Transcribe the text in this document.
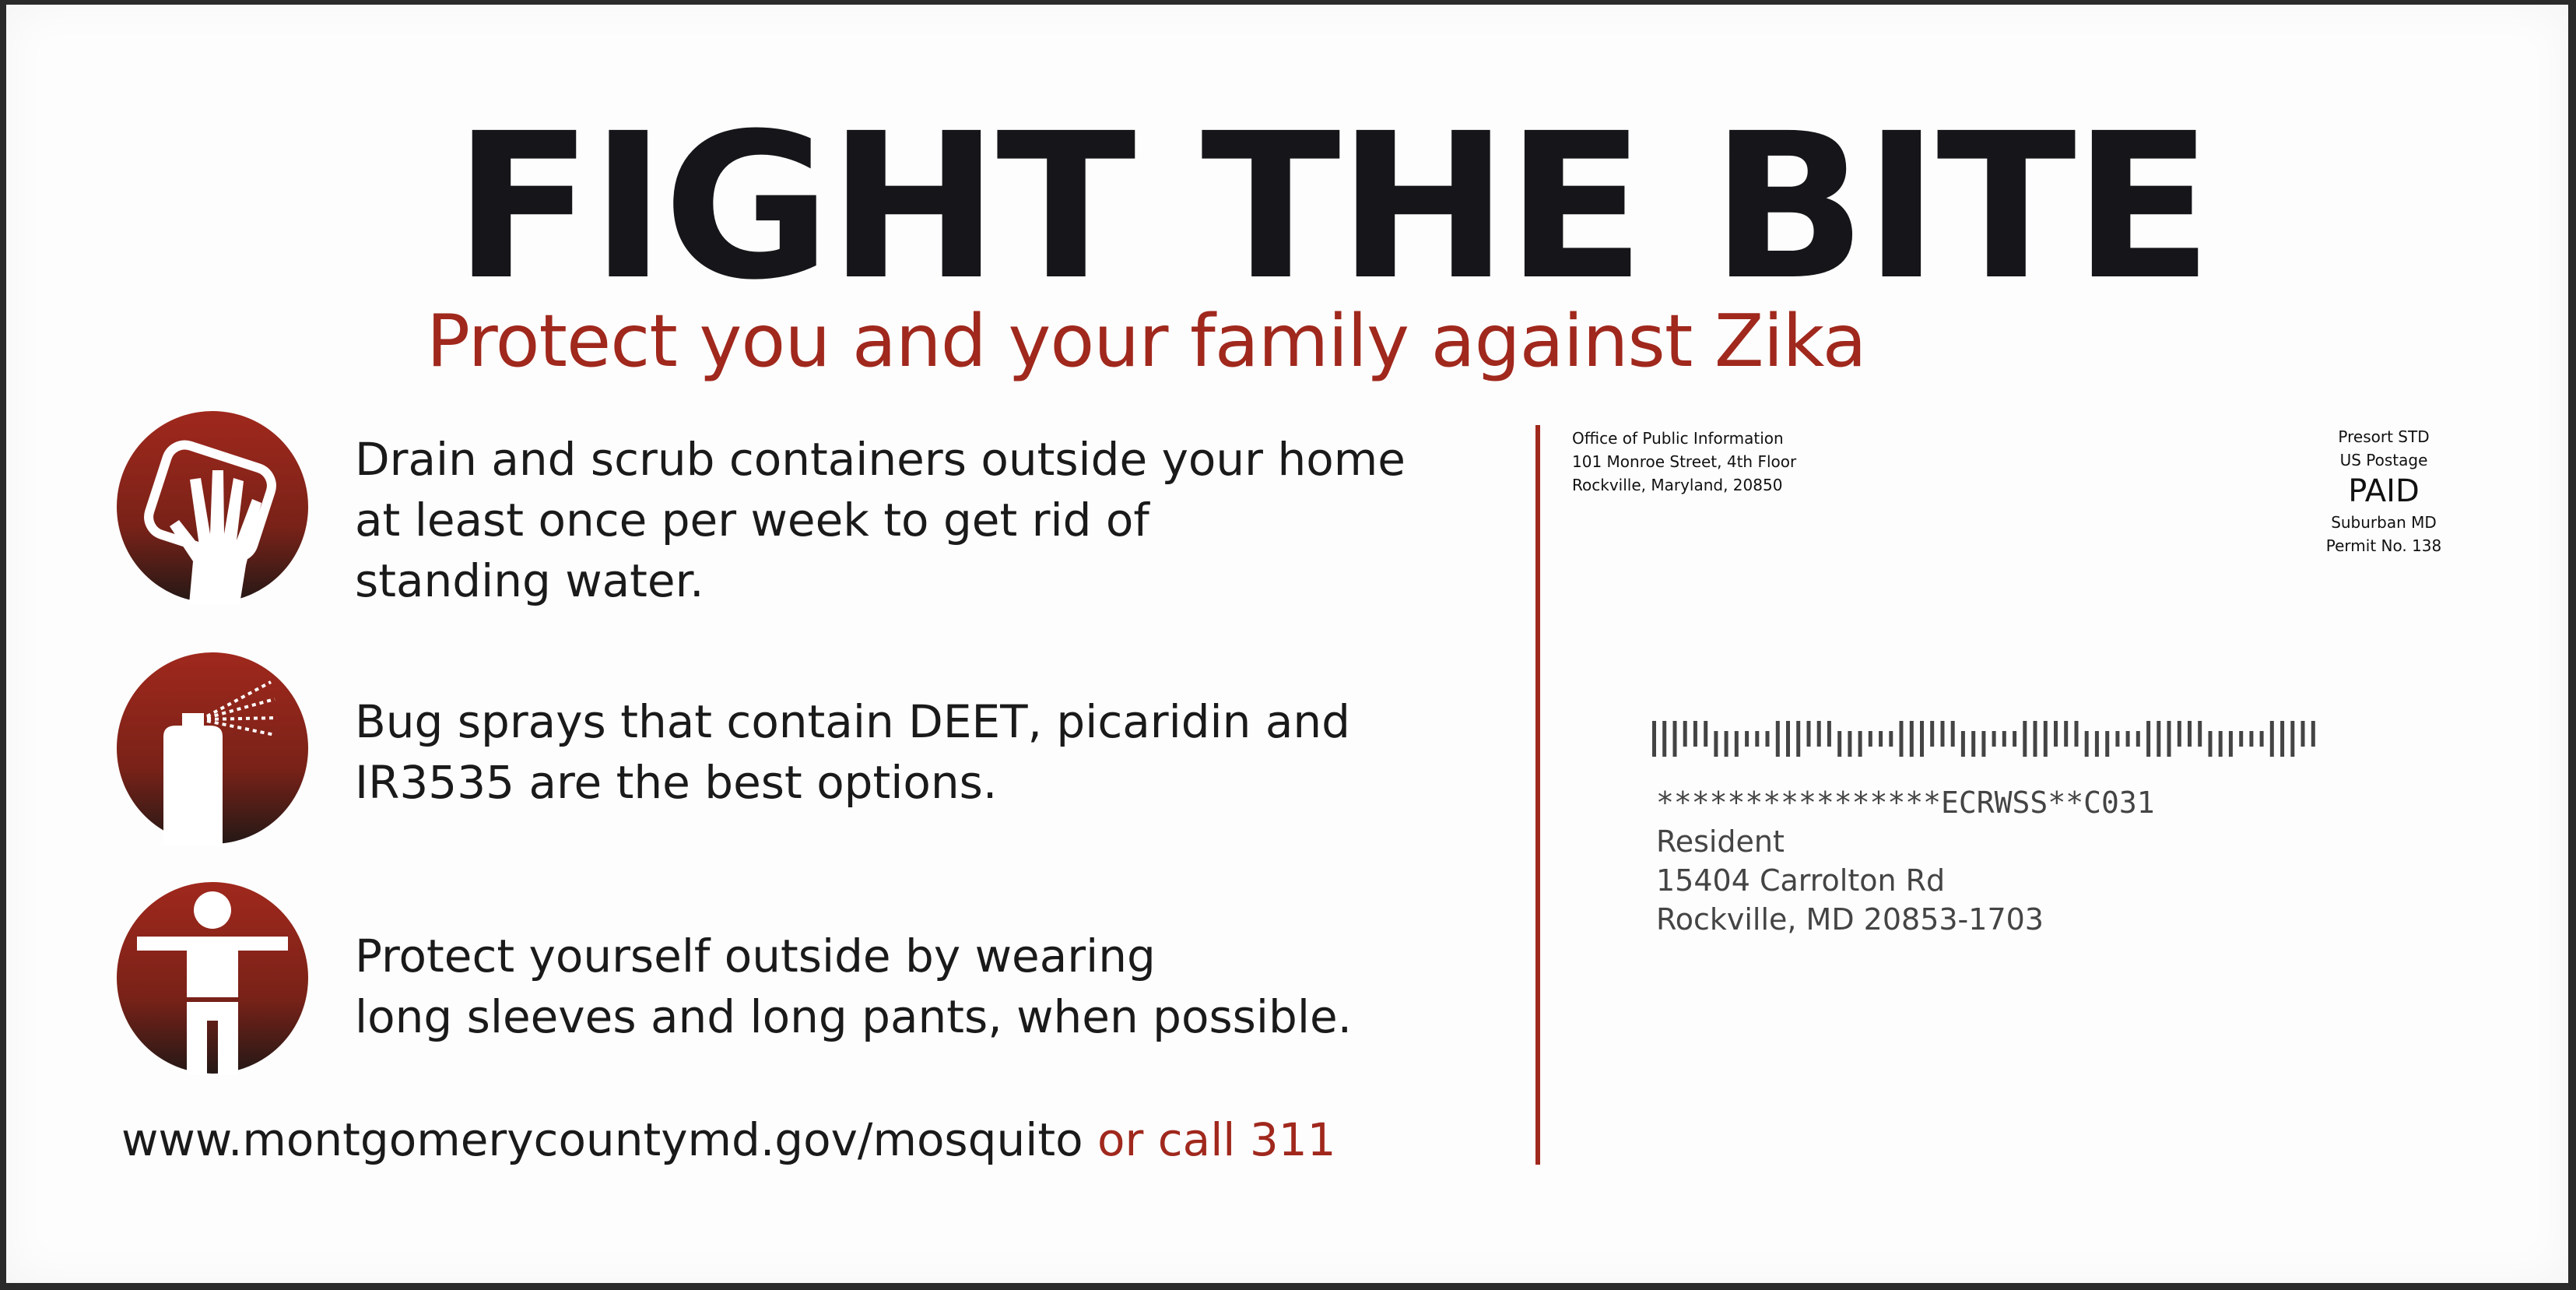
FIGHT THE BITE
Protect you and your family against Zika
Drain and scrub containers outside your home
at least once per week to get rid of
standing water.
Bug sprays that contain DEET, picaridin and
IR3535 are the best options.
Protect yourself outside by wearing
long sleeves and long pants, when possible.
www.montgomerycountymd.gov/mosquito or call 311
Office of Public Information
101 Monroe Street, 4th Floor
Rockville, Maryland, 20850
Presort STD
US Postage
PAID
Suburban MD
Permit No. 138
****************ECRWSS**C031
Resident
15404 Carrolton Rd
Rockville, MD 20853-1703
